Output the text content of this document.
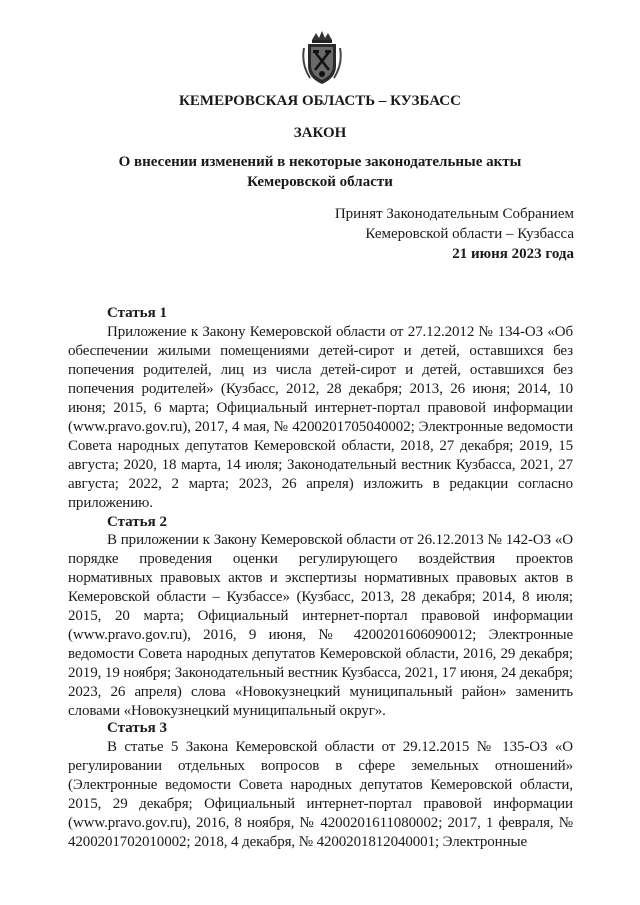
КЕМЕРОВСКАЯ ОБЛАСТЬ – КУЗБАСС
ЗАКОН
О внесении изменений в некоторые законодательные акты
Кемеровской области
Принят Законодательным Собранием
Кемеровской области – Кузбасса
21 июня 2023 года
Статья 1
Приложение к Закону Кемеровской области от 27.12.2012 № 134-ОЗ «Об обеспечении жилыми помещениями детей-сирот и детей, оставшихся без попечения родителей, лиц из числа детей-сирот и детей, оставшихся без попечения родителей» (Кузбасс, 2012, 28 декабря; 2013, 26 июня; 2014, 10 июня; 2015, 6 марта; Официальный интернет-портал правовой информации (www.pravo.gov.ru), 2017, 4 мая, № 4200201705040002; Электронные ведомости Совета народных депутатов Кемеровской области, 2018, 27 декабря; 2019, 15 августа; 2020, 18 марта, 14 июля; Законодательный вестник Кузбасса, 2021, 27 августа; 2022, 2 марта; 2023, 26 апреля) изложить в редакции согласно приложению.
Статья 2
В приложении к Закону Кемеровской области от 26.12.2013 № 142-ОЗ «О порядке проведения оценки регулирующего воздействия проектов нормативных правовых актов и экспертизы нормативных правовых актов в Кемеровской области – Кузбассе» (Кузбасс, 2013, 28 декабря; 2014, 8 июля; 2015, 20 марта; Официальный интернет-портал правовой информации (www.pravo.gov.ru), 2016, 9 июня, № 4200201606090012; Электронные ведомости Совета народных депутатов Кемеровской области, 2016, 29 декабря; 2019, 19 ноября; Законодательный вестник Кузбасса, 2021, 17 июня, 24 декабря; 2023, 26 апреля) слова «Новокузнецкий муниципальный район» заменить словами «Новокузнецкий муниципальный округ».
Статья 3
В статье 5 Закона Кемеровской области от 29.12.2015 № 135-ОЗ «О регулировании отдельных вопросов в сфере земельных отношений» (Электронные ведомости Совета народных депутатов Кемеровской области, 2015, 29 декабря; Официальный интернет-портал правовой информации (www.pravo.gov.ru), 2016, 8 ноября, № 4200201611080002; 2017, 1 февраля, № 4200201702010002; 2018, 4 декабря, № 4200201812040001; Электронные
